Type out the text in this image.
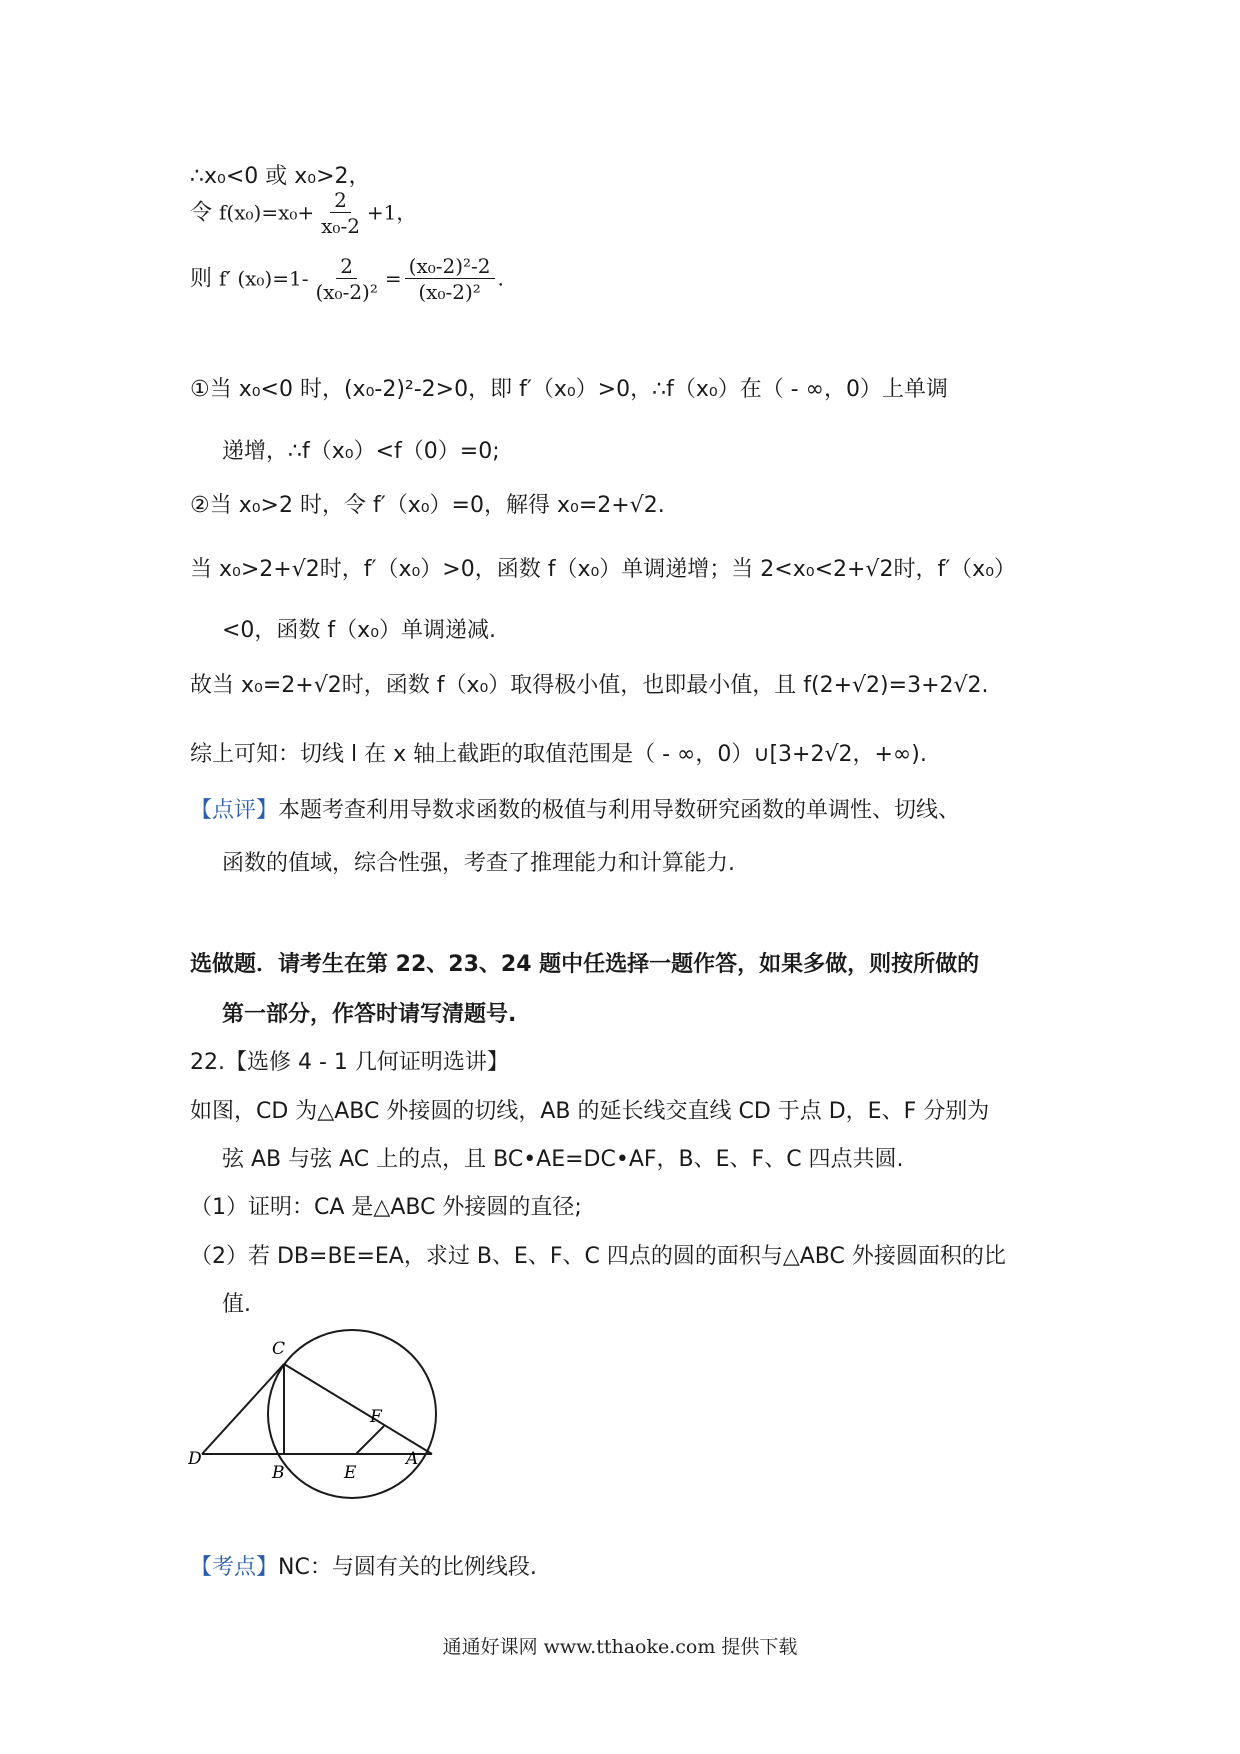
∴x₀<0 或 x₀>2，
令 $f(x_0)=x_0+ \frac{2}{\text{x₀-2}} +1$，
则 f′ $(x_0)=1- \frac{2}{\text{(x₀-2)²}} = \frac{\text{(x₀-2)²-2}}{\text{(x₀-2)²}}$ .
①当 x₀<0 时，(x₀-2)²-2>0，即 f′（x₀）>0，∴f（x₀）在（ - ∞，0）上单调
递增，∴f（x₀）<f（0）=0;
②当 x₀>2 时，令 f′（x₀）=0，解得 x₀=2+√2.
当 x₀>2+√2时，f′（x₀）>0，函数 f（x₀）单调递增；当 2<x₀<2+√2时，f′（x₀）
<0，函数 f（x₀）单调递减.
故当 x₀=2+√2时，函数 f（x₀）取得极小值，也即最小值，且 f(2+√2)=3+2√2.
综上可知：切线 l 在 x 轴上截距的取值范围是（ - ∞，0）∪[3+2√2，+∞).
【点评】本题考查利用导数求函数的极值与利用导数研究函数的单调性、切线、
函数的值域，综合性强，考查了推理能力和计算能力.
选做题．请考生在第 22、23、24 题中任选择一题作答，如果多做，则按所做的
第一部分，作答时请写清题号.
22.【选修 4 - 1 几何证明选讲】
如图，CD 为△ABC 外接圆的切线，AB 的延长线交直线 CD 于点 D，E、F 分别为
弦 AB 与弦 AC 上的点，且 BC•AE=DC•AF，B、E、F、C 四点共圆.
（1）证明：CA 是△ABC 外接圆的直径;
（2）若 DB=BE=EA，求过 B、E、F、C 四点的圆的面积与△ABC 外接圆面积的比
值.
C
D
B	E
A
F
【考点】NC：与圆有关的比例线段.
通通好课网 www.tthaoke.com 提供下载
